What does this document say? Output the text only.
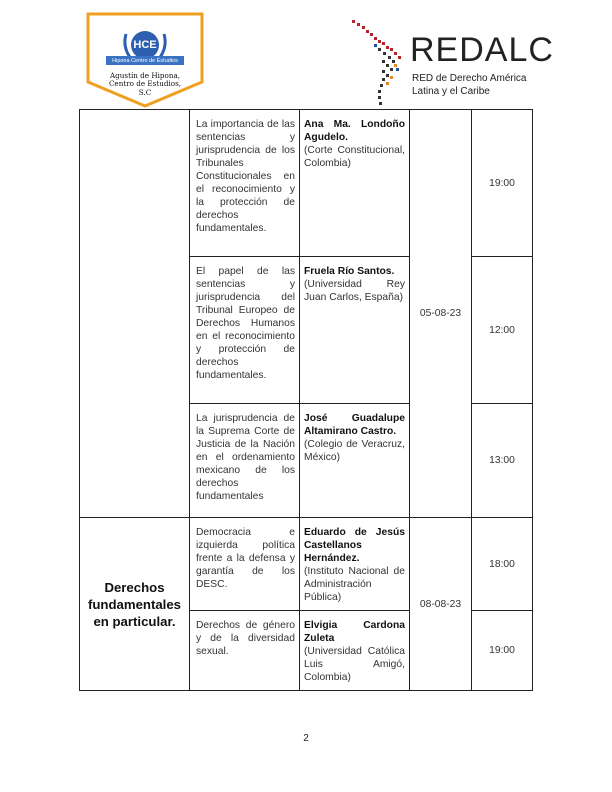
HCE
Hipona Centro de Estudios
Agustín de Hipona,
Centro de Estudios,
S.C
REDALC
RED de Derecho América
Latina y el Caribe
	La importancia de las sentencias y jurisprudencia de los Tribunales Constitucionales en el reconocimiento y la protección de derechos fundamentales.	Ana Ma. Londoño Agudelo.
(Corte Constitucional, Colombia)	05-08-23	19:00
	El papel de las sentencias y jurisprudencia del Tribunal Europeo de Derechos Humanos en el reconocimiento y protección de derechos fundamentales.	Fruela Río Santos.
(Universidad Rey Juan Carlos, España)		12:00
	La jurisprudencia de la Suprema Corte de Justicia de la Nación en el ordenamiento mexicano de los derechos fundamentales	José Guadalupe Altamirano Castro.
(Colegio de Veracruz, México)		13:00
Derechos fundamentales en particular.	Democracia e izquierda política frente a la defensa y garantía de los DESC.	Eduardo de Jesús Castellanos Hernández.
(Instituto Nacional de Administración Pública)	08-08-23	18:00
	Derechos de género y de la diversidad sexual.	Elvigia Cardona Zuleta
(Universidad Católica Luis Amigó, Colombia)		19:00
2
